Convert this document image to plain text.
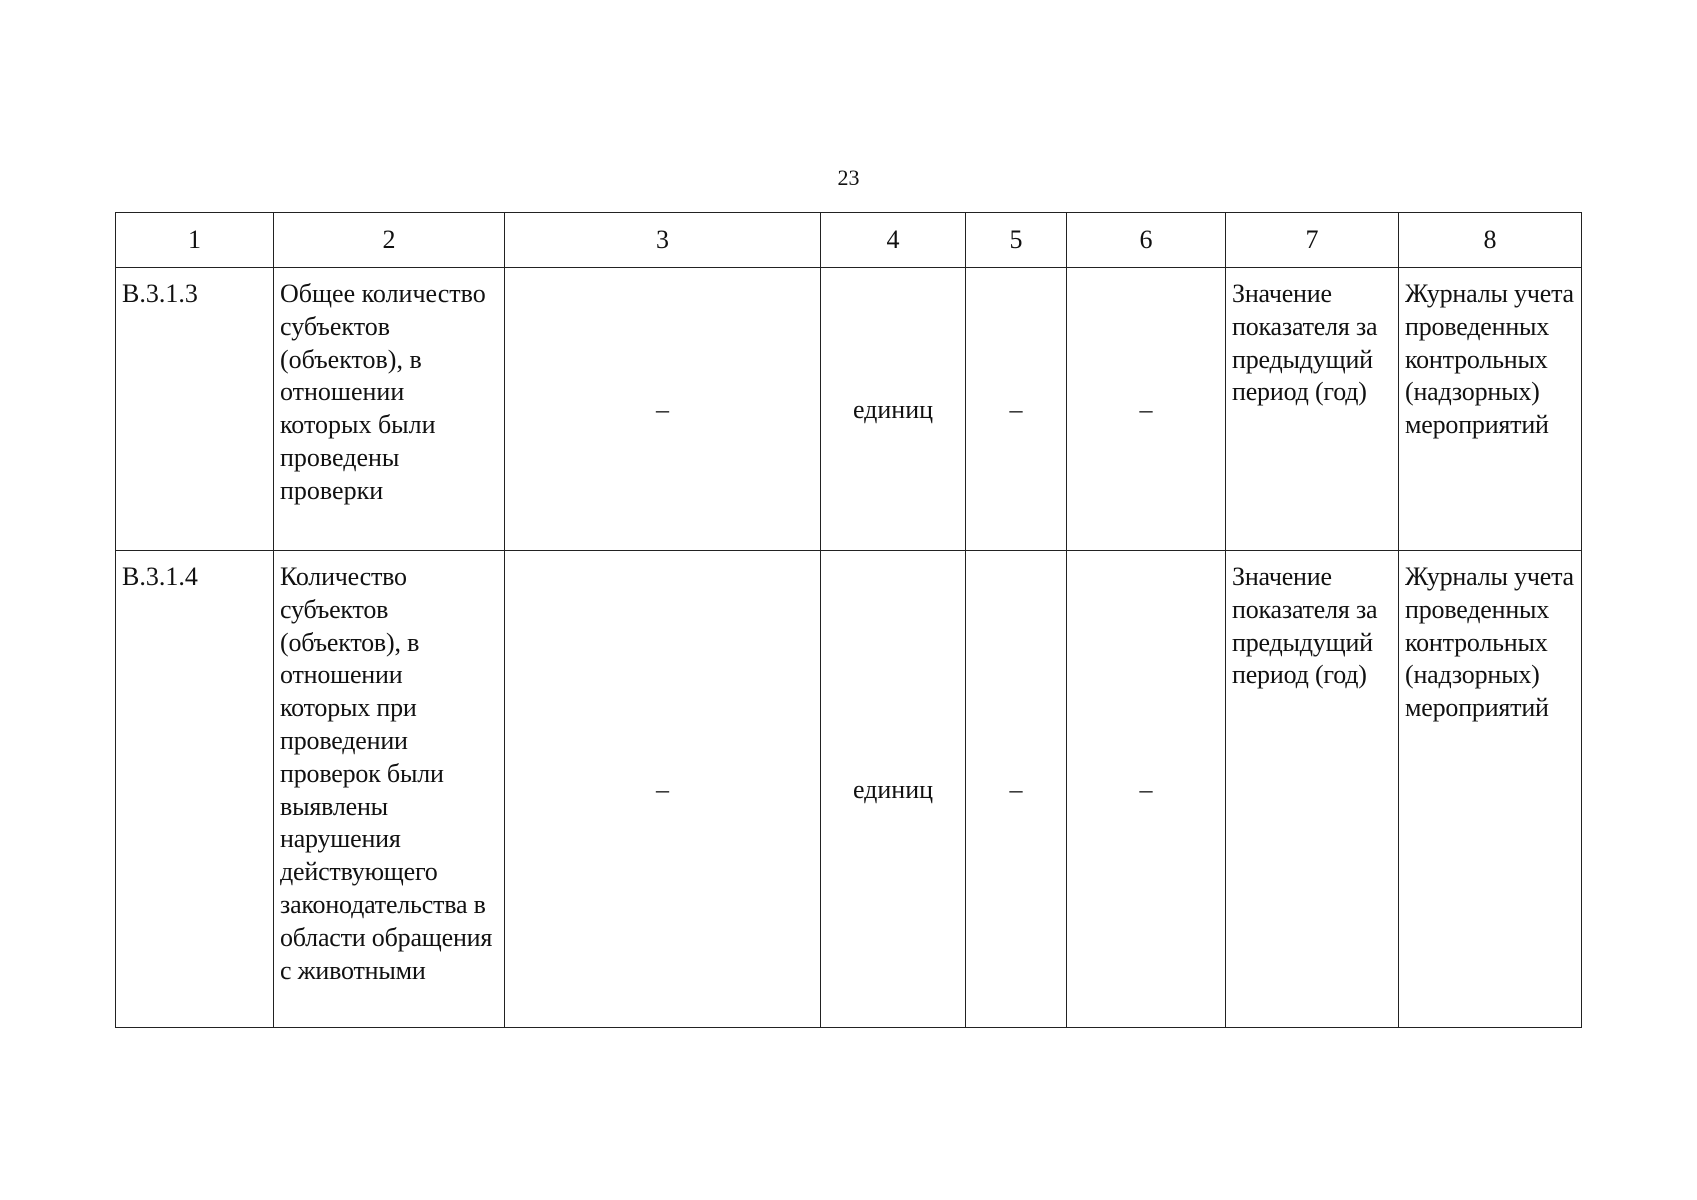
23
1	2	3	4	5	6	7	8

В.3.1.3	Общее количество субъектов (объектов), в отношении которых были проведены проверки	–	единиц	–	–	Значение показателя за предыдущий период (год)	Журналы учета проведенных контрольных (надзорных) мероприятий

В.3.1.4	Количество субъектов (объектов), в отношении которых при проведении проверок были выявлены нарушения действующего законодательства в области обращения с животными	–	единиц	–	–	Значение показателя за предыдущий период (год)	Журналы учета проведенных контрольных (надзорных) мероприятий
